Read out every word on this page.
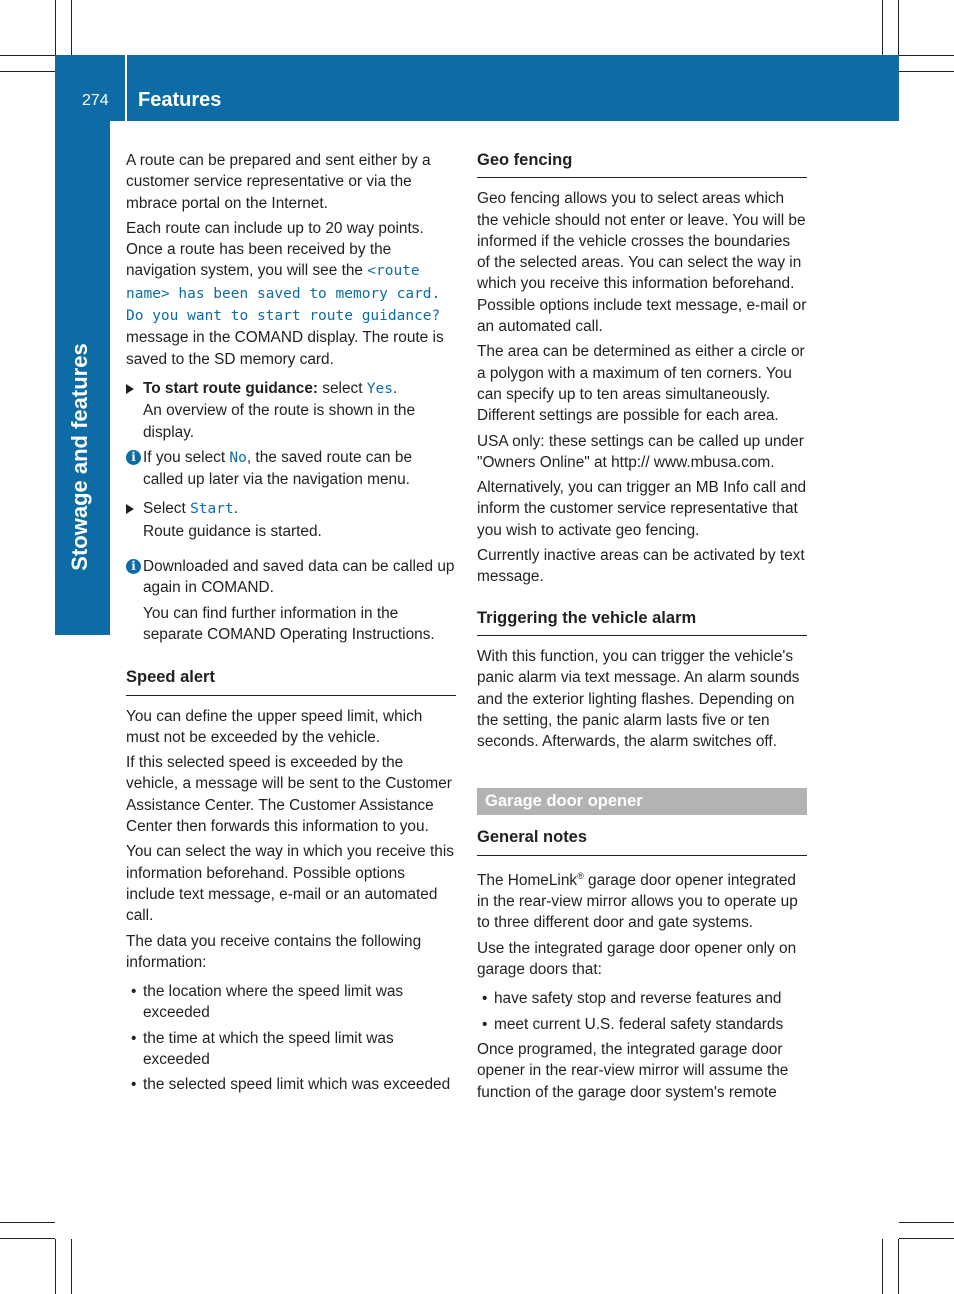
274 Features
Stowage and features

A route can be prepared and sent either by a customer service representative or via the mbrace portal on the Internet.

Each route can include up to 20 way points. Once a route has been received by the navigation system, you will see the <route name> has been saved to memory card. Do you want to start route guidance? message in the COMAND display. The route is saved to the SD memory card.

To start route guidance: select Yes.
An overview of the route is shown in the display.
i If you select No, the saved route can be called up later via the navigation menu.
Select Start.
Route guidance is started.
i Downloaded and saved data can be called up again in COMAND.

You can find further information in the separate COMAND Operating Instructions.

Speed alert

You can define the upper speed limit, which must not be exceeded by the vehicle.

If this selected speed is exceeded by the vehicle, a message will be sent to the Customer Assistance Center. The Customer Assistance Center then forwards this information to you.

You can select the way in which you receive this information beforehand. Possible options include text message, e-mail or an automated call.

The data you receive contains the following information:

• the location where the speed limit was exceeded
• the time at which the speed limit was exceeded
• the selected speed limit which was exceeded
Geo fencing

Geo fencing allows you to select areas which the vehicle should not enter or leave. You will be informed if the vehicle crosses the boundaries of the selected areas. You can select the way in which you receive this information beforehand. Possible options include text message, e-mail or an automated call.

The area can be determined as either a circle or a polygon with a maximum of ten corners. You can specify up to ten areas simultaneously. Different settings are possible for each area.

USA only: these settings can be called up under "Owners Online" at http:// www.mbusa.com.

Alternatively, you can trigger an MB Info call and inform the customer service representative that you wish to activate geo fencing.

Currently inactive areas can be activated by text message.

Triggering the vehicle alarm

With this function, you can trigger the vehicle's panic alarm via text message. An alarm sounds and the exterior lighting flashes. Depending on the setting, the panic alarm lasts five or ten seconds. Afterwards, the alarm switches off.

Garage door opener
General notes

The HomeLink® garage door opener integrated in the rear-view mirror allows you to operate up to three different door and gate systems.

Use the integrated garage door opener only on garage doors that:

• have safety stop and reverse features and
• meet current U.S. federal safety standards

Once programed, the integrated garage door opener in the rear-view mirror will assume the function of the garage door system's remote
